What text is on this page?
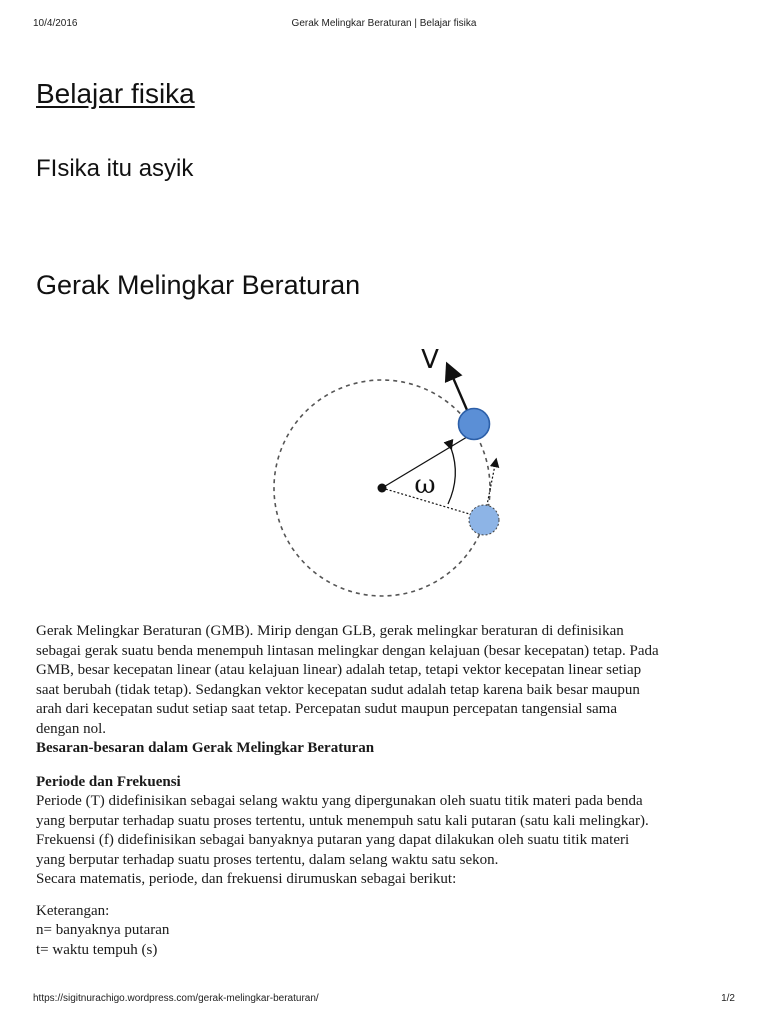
10/4/2016	Gerak Melingkar Beraturan | Belajar fisika
Belajar fisika
FIsika itu asyik
Gerak Melingkar Beraturan
ω
V

Gerak Melingkar Beraturan (GMB). Mirip dengan GLB, gerak melingkar beraturan di definisikan

sebagai gerak suatu benda menempuh lintasan melingkar dengan kelajuan (besar kecepatan) tetap. Pada

GMB, besar kecepatan linear (atau kelajuan linear) adalah tetap, tetapi vektor kecepatan linear setiap

saat berubah (tidak tetap). Sedangkan vektor kecepatan sudut adalah tetap karena baik besar maupun

arah dari kecepatan sudut setiap saat tetap. Percepatan sudut maupun percepatan tangensial sama

dengan nol.

Besaran-besaran dalam Gerak Melingkar Beraturan

Periode dan Frekuensi

Periode (T) didefinisikan sebagai selang waktu yang dipergunakan oleh suatu titik materi pada benda

yang berputar terhadap suatu proses tertentu, untuk menempuh satu kali putaran (satu kali melingkar).

Frekuensi (f) didefinisikan sebagai banyaknya putaran yang dapat dilakukan oleh suatu titik materi

yang berputar terhadap suatu proses tertentu, dalam selang waktu satu sekon.

Secara matematis, periode, dan frekuensi dirumuskan sebagai berikut:

Keterangan:

n= banyaknya putaran

t= waktu tempuh (s)

https://sigitnurachigo.wordpress.com/gerak-melingkar-beraturan/	1/2
